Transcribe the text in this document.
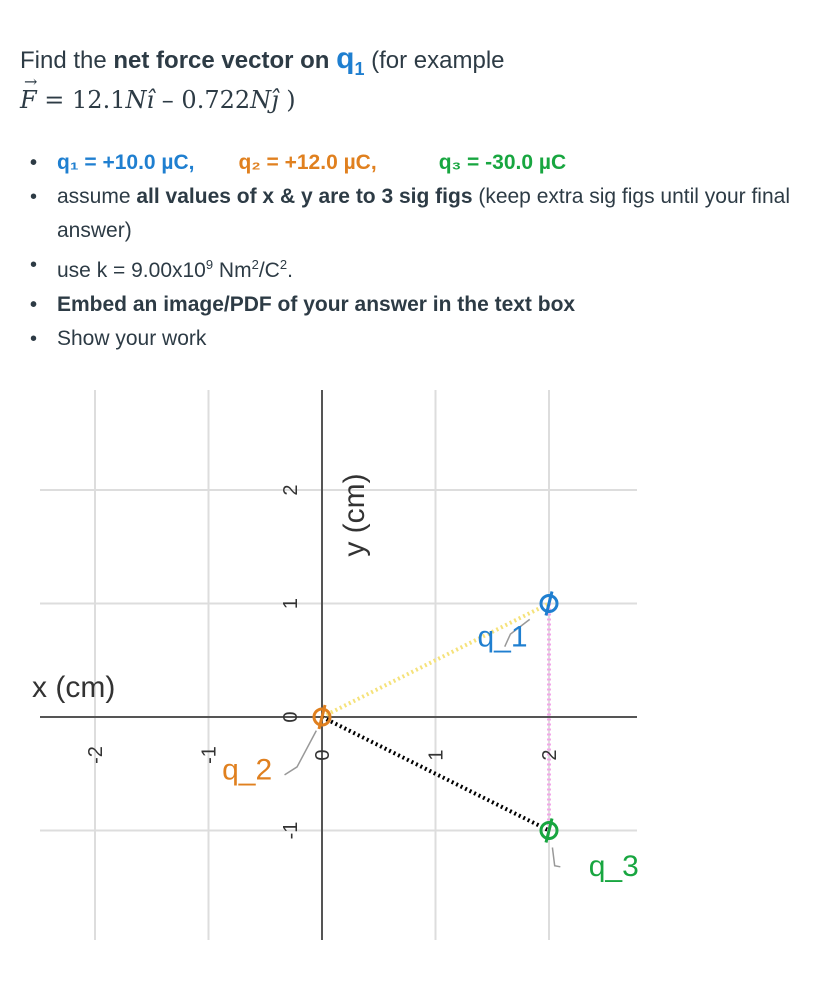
Find the net force vector on $q_1$ (for example
→
F = 12.1Nî – 0.722Nĵ )
• q₁ = +10.0 µC, q₂ = +12.0 µC,	q₃ = -30.0 µC
• assume all values of x & y are to 3 sig figs (keep extra sig figs until your final answer)
• use $k = 9.00x10^9$ $Nm^2/C^2$.
• Embed an image/PDF of your answer in the text box
• Show your work
-2	-1	0	1	2
-1
0
1
2
q_1
q_2
q_3
x (cm)
y (cm)
